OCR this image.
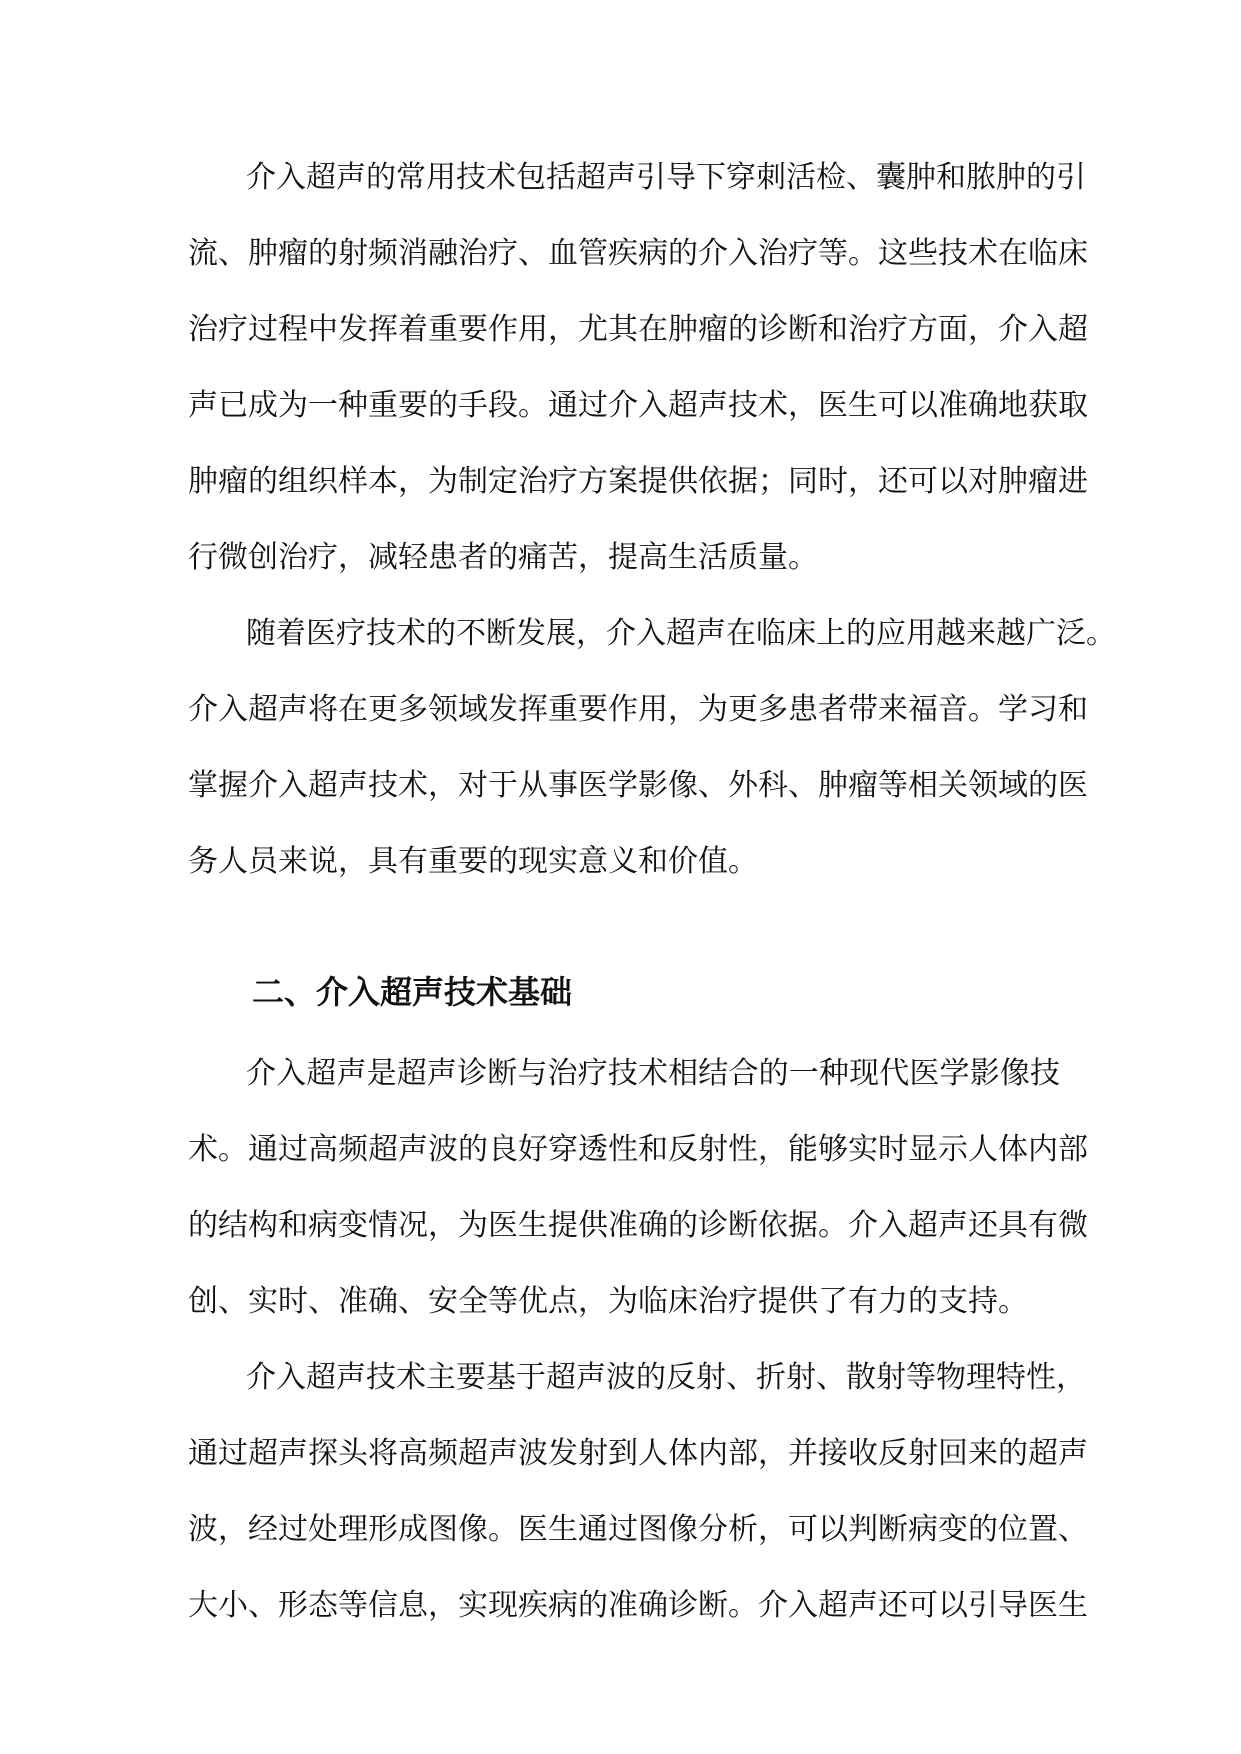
介入超声的常用技术包括超声引导下穿刺活检、囊肿和脓肿的引
流、肿瘤的射频消融治疗、血管疾病的介入治疗等。这些技术在临床
治疗过程中发挥着重要作用，尤其在肿瘤的诊断和治疗方面，介入超
声已成为一种重要的手段。通过介入超声技术，医生可以准确地获取
肿瘤的组织样本，为制定治疗方案提供依据；同时，还可以对肿瘤进
行微创治疗，减轻患者的痛苦，提高生活质量。
随着医疗技术的不断发展，介入超声在临床上的应用越来越广泛。
介入超声将在更多领域发挥重要作用，为更多患者带来福音。学习和
掌握介入超声技术，对于从事医学影像、外科、肿瘤等相关领域的医
务人员来说，具有重要的现实意义和价值。
二、介入超声技术基础
介入超声是超声诊断与治疗技术相结合的一种现代医学影像技
术。通过高频超声波的良好穿透性和反射性，能够实时显示人体内部
的结构和病变情况，为医生提供准确的诊断依据。介入超声还具有微
创、实时、准确、安全等优点，为临床治疗提供了有力的支持。
介入超声技术主要基于超声波的反射、折射、散射等物理特性，
通过超声探头将高频超声波发射到人体内部，并接收反射回来的超声
波，经过处理形成图像。医生通过图像分析，可以判断病变的位置、
大小、形态等信息，实现疾病的准确诊断。介入超声还可以引导医生
